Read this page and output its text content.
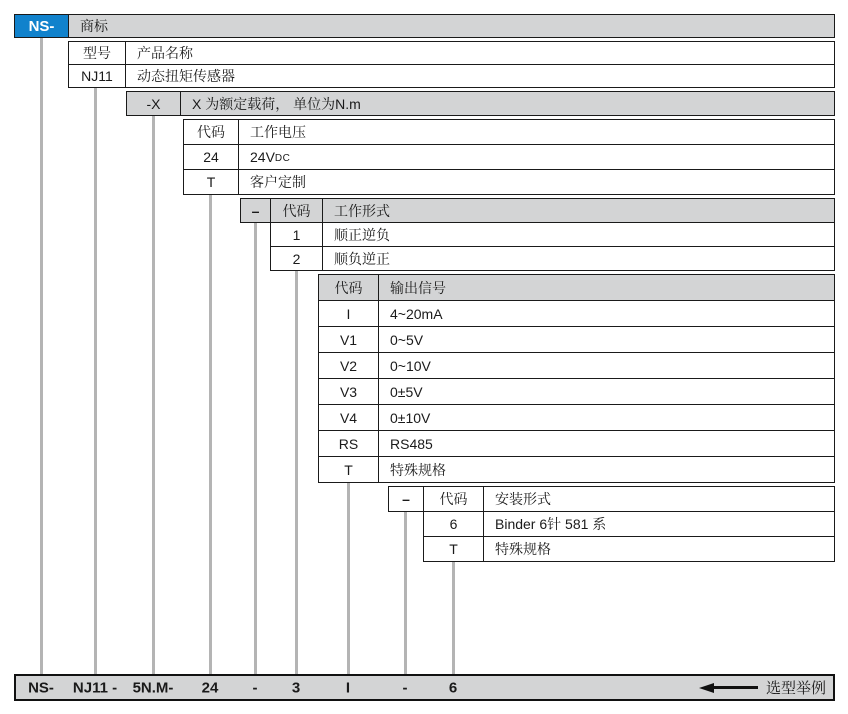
NS-	商标
型号	产品名称
NJ11	动态扭矩传感器
-X	X 为额定载荷， 单位为N.m
代码	工作电压
24	24V DC
T	客户定制
–	代码	工作形式
1	顺正逆负
2	顺负逆正
代码	输出信号
I	4~20mA
V1	0~5V
V2	0~10V
V3	0±5V
V4	0±10V
RS	RS485
T	特殊规格
–	代码	安装形式
6	Binder 6针 581 系
T	特殊规格
NS- NJ11 - 5N.M- 24 - 3	I	-	6	选型举例
